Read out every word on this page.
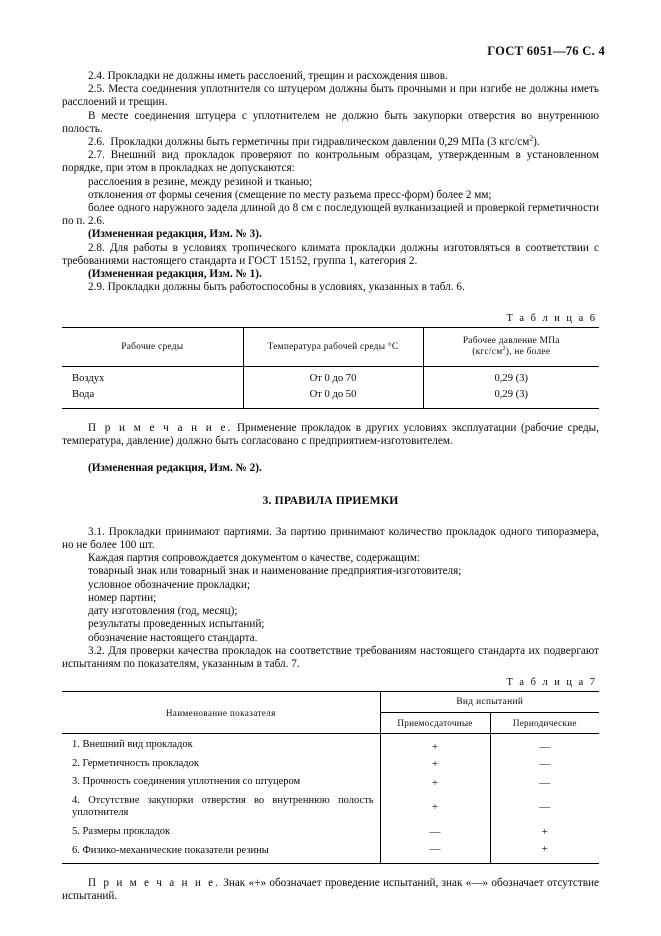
ГОСТ 6051—76 С. 4

2.4. Прокладки не должны иметь расслоений, трещин и расхождения швов.

2.5. Места соединения уплотнителя со штуцером должны быть прочными и при изгибе не должны иметь расслоений и трещин.

В месте соединения штуцера с уплотнителем не должно быть закупорки отверстия во внутреннюю полость.

2.6.  Прокладки должны быть герметичны при гидравлическом давлении 0,29 МПа (3 кгс/$см^2$).

2.7. Внешний вид прокладок проверяют по контрольным образцам, утвержденным в установленном порядке, при этом в прокладках не допускаются:

расслоения в резине, между резиной и тканью;

отклонения от формы сечения (смещение по месту разъема пресс-форм) более 2 мм;

более одного наружного задела длиной до 8 см с последующей вулканизацией и проверкой герметичности по п. 2.6.

(Измененная редакция, Изм. № 3).

2.8. Для работы в условиях тропического климата прокладки должны изготовляться в соответствии с требованиями настоящего стандарта и ГОСТ 15152, группа 1, категория 2.

(Измененная редакция, Изм. № 1).

2.9. Прокладки должны быть работоспособны в условиях, указанных в табл. 6.

Т а б л и ц а 6
Рабочие среды	Температура рабочей среды °С	Рабочее давление МПа
$(кгс/см^2)$, не более
Воздух	От 0 до 70	0,29 (3)
Вода	От 0 до 50	0,29 (3)

П р и м е ч а н и е. Применение прокладок в других условиях эксплуатации (рабочие среды, температура, давление) должно быть согласовано с предприятием-изготовителем.

(Измененная редакция, Изм. № 2).

3. ПРАВИЛА ПРИЕМКИ

3.1. Прокладки принимают партиями. За партию принимают количество прокладок одного типоразмера, но не более 100 шт.

Каждая партия сопровождается документом о качестве, содержащим:

товарный знак или товарный знак и наименование предприятия-изготовителя;

условное обозначение прокладки;

номер партии;

дату изготовления (год, месяц);

результаты проведенных испытаний;

обозначение настоящего стандарта.

3.2. Для проверки качества прокладок на соответствие требованиям настоящего стандарта их подвергают испытаниям по показателям, указанным в табл. 7.

Т а б л и ц а 7
Наименование показателя	Вид испытаний	
	Приемосдаточные	Периодические
1. Внешний вид прокладок	+	—
2. Герметичность прокладок	+	—
3. Прочность соединения уплотнения со штуцером	+	—

4. Отсутствие закупорки отверстия во внутреннюю полость уплотнителя	+	—
5. Размеры прокладок	—	+
6. Физико-механические показатели резины	—	+

П р и м е ч а н и е. Знак «+» обозначает проведение испытаний, знак «—» обозначает отсутствие испытаний.
